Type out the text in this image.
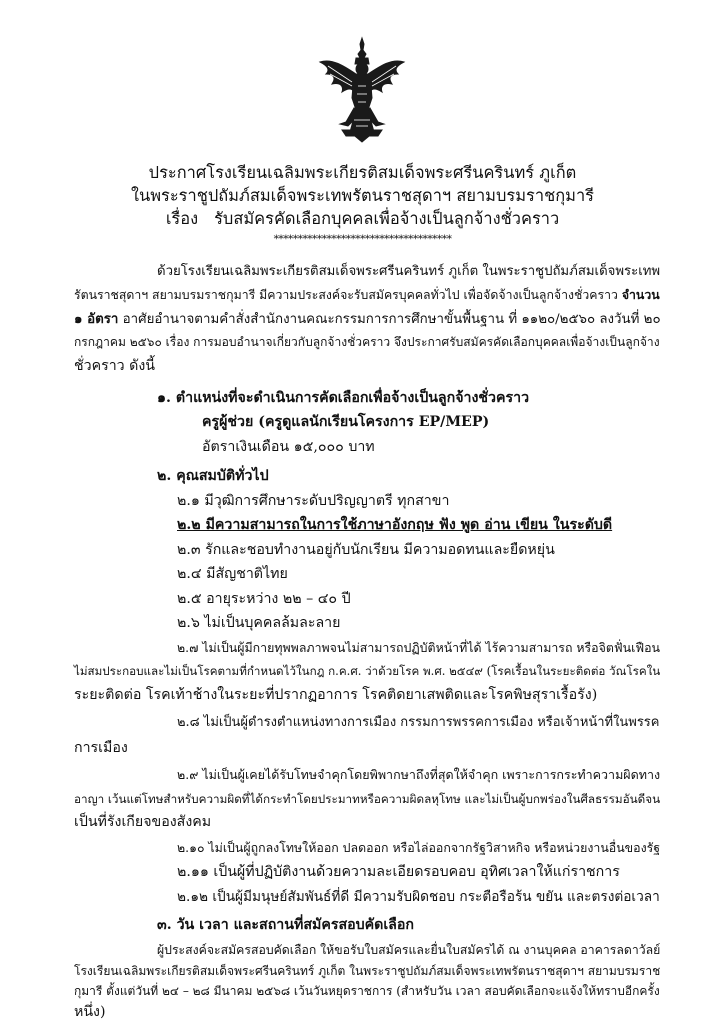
ประกาศโรงเรียนเฉลิมพระเกียรติสมเด็จพระศรีนครินทร์ ภูเก็ต
ในพระราชูปถัมภ์สมเด็จพระเทพรัตนราชสุดาฯ สยามบรมราชกุมารี
เรื่อง รับสมัครคัดเลือกบุคคลเพื่อจ้างเป็นลูกจ้างชั่วคราว
*************************************
ด้วยโรงเรียนเฉลิมพระเกียรติสมเด็จพระศรีนครินทร์ ภูเก็ต ในพระราชูปถัมภ์สมเด็จพระเทพ
รัตนราชสุดาฯ สยามบรมราชกุมารี มีความประสงค์จะรับสมัครบุคคลทั่วไป เพื่อจัดจ้างเป็นลูกจ้างชั่วคราว จำนวน
๑ อัตรา อาศัยอำนาจตามคำสั่งสำนักงานคณะกรรมการการศึกษาขั้นพื้นฐาน ที่ ๑๑๒๐/๒๕๖๐ ลงวันที่ ๒๐
กรกฎาคม ๒๕๖๐ เรื่อง การมอบอำนาจเกี่ยวกับลูกจ้างชั่วคราว จึงประกาศรับสมัครคัดเลือกบุคคลเพื่อจ้างเป็นลูกจ้าง
ชั่วคราว ดังนี้
๑. ตำแหน่งที่จะดำเนินการคัดเลือกเพื่อจ้างเป็นลูกจ้างชั่วคราว
ครูผู้ช่วย (ครูดูแลนักเรียนโครงการ EP/MEP)
อัตราเงินเดือน ๑๕,๐๐๐ บาท
๒. คุณสมบัติทั่วไป
๒.๑ มีวุฒิการศึกษาระดับปริญญาตรี ทุกสาขา
๒.๒ มีความสามารถในการใช้ภาษาอังกฤษ ฟัง พูด อ่าน เขียน ในระดับดี
๒.๓ รักและชอบทำงานอยู่กับนักเรียน มีความอดทนและยืดหยุ่น
๒.๔ มีสัญชาติไทย
๒.๕ อายุระหว่าง ๒๒ – ๔๐ ปี
๒.๖ ไม่เป็นบุคคลล้มละลาย
๒.๗ ไม่เป็นผู้มีกายทุพพลภาพจนไม่สามารถปฏิบัติหน้าที่ได้ ไร้ความสามารถ หรือจิตฟั่นเฟือน
ไม่สมประกอบและไม่เป็นโรคตามที่กำหนดไว้ในกฎ ก.ค.ศ. ว่าด้วยโรค พ.ศ. ๒๕๔๙ (โรคเรื้อนในระยะติดต่อ วัณโรคใน
ระยะติดต่อ โรคเท้าช้างในระยะที่ปรากฏอาการ โรคติดยาเสพติดและโรคพิษสุราเรื้อรัง)
๒.๘ ไม่เป็นผู้ดำรงตำแหน่งทางการเมือง กรรมการพรรคการเมือง หรือเจ้าหน้าที่ในพรรค
การเมือง
๒.๙ ไม่เป็นผู้เคยได้รับโทษจำคุกโดยพิพากษาถึงที่สุดให้จำคุก เพราะการกระทำความผิดทาง
อาญา เว้นแต่โทษสำหรับความผิดที่ได้กระทำโดยประมาทหรือความผิดลหุโทษ และไม่เป็นผู้บกพร่องในศีลธรรมอันดีจน
เป็นที่รังเกียจของสังคม
๒.๑๐ ไม่เป็นผู้ถูกลงโทษให้ออก ปลดออก หรือไล่ออกจากรัฐวิสาหกิจ หรือหน่วยงานอื่นของรัฐ
๒.๑๑ เป็นผู้ที่ปฏิบัติงานด้วยความละเอียดรอบคอบ อุทิศเวลาให้แก่ราชการ
๒.๑๒ เป็นผู้มีมนุษย์สัมพันธ์ที่ดี มีความรับผิดชอบ กระตือรือร้น ขยัน และตรงต่อเวลา
๓. วัน เวลา และสถานที่สมัครสอบคัดเลือก
ผู้ประสงค์จะสมัครสอบคัดเลือก ให้ขอรับใบสมัครและยื่นใบสมัครได้ ณ งานบุคคล อาคารลดาวัลย์
โรงเรียนเฉลิมพระเกียรติสมเด็จพระศรีนครินทร์ ภูเก็ต ในพระราชูปถัมภ์สมเด็จพระเทพรัตนราชสุดาฯ สยามบรมราช
กุมารี ตั้งแต่วันที่ ๒๔ – ๒๘ มีนาคม ๒๕๖๘ เว้นวันหยุดราชการ (สำหรับวัน เวลา สอบคัดเลือกจะแจ้งให้ทราบอีกครั้ง
หนึ่ง)
